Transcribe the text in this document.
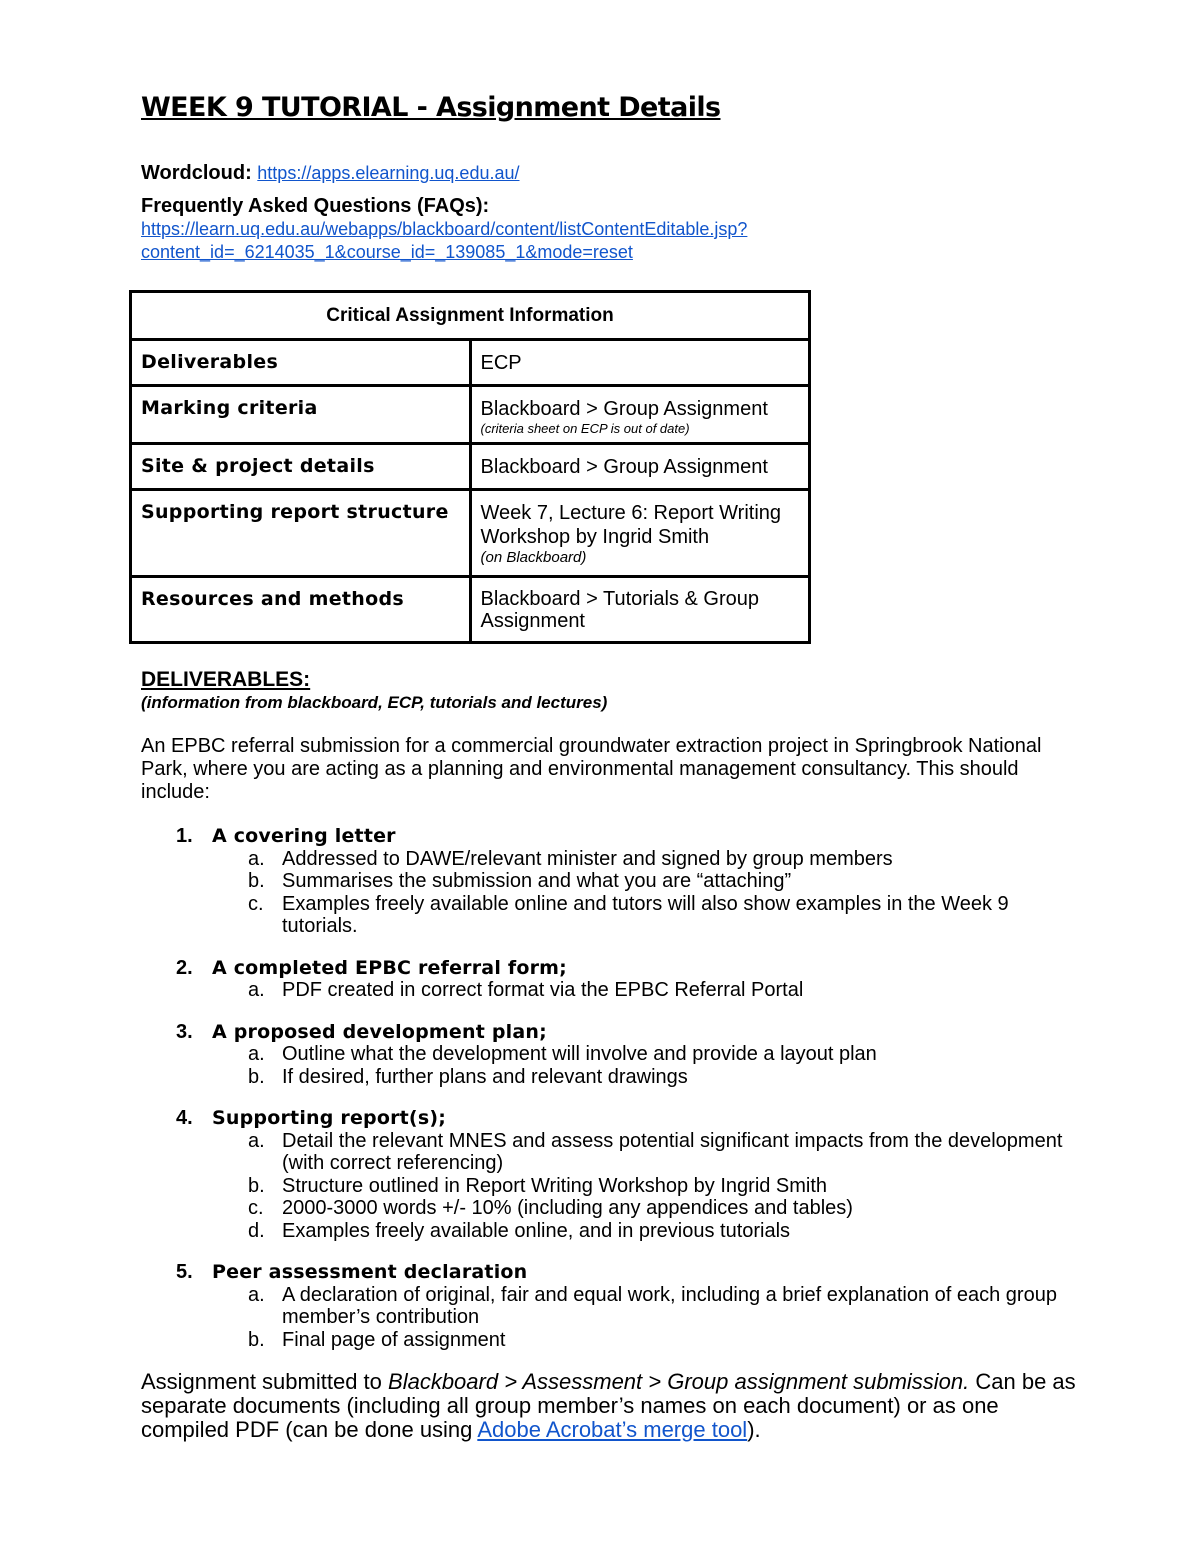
WEEK 9 TUTORIAL - Assignment Details
Wordcloud: https://apps.elearning.uq.edu.au/
Frequently Asked Questions (FAQs):
https://learn.uq.edu.au/webapps/blackboard/content/listContentEditable.jsp?
content_id=_6214035_1&course_id=_139085_1&mode=reset
Critical Assignment Information	
Deliverables	ECP
Marking criteria	Blackboard > Group Assignment
(criteria sheet on ECP is out of date)

Site & project details	Blackboard > Group Assignment
Supporting report structure	Week 7, Lecture 6: Report Writing Workshop by Ingrid Smith
(on Blackboard)

Resources and methods	Blackboard > Tutorials & Group Assignment
DELIVERABLES:
(information from blackboard, ECP, tutorials and lectures)

An EPBC referral submission for a commercial groundwater extraction project in Springbrook National Park, where you are acting as a planning and environmental management consultancy. This should include:

1. A covering letter
a. Addressed to DAWE/relevant minister and signed by group members
b. Summarises the submission and what you are “attaching”
c. Examples freely available online and tutors will also show examples in the Week 9 tutorials.
2. A completed EPBC referral form;
a. PDF created in correct format via the EPBC Referral Portal
3. A proposed development plan;
a. Outline what the development will involve and provide a layout plan
b. If desired, further plans and relevant drawings
4. Supporting report(s);
a. Detail the relevant MNES and assess potential significant impacts from the development (with correct referencing)
b. Structure outlined in Report Writing Workshop by Ingrid Smith
c. 2000-3000 words +/- 10% (including any appendices and tables)
d. Examples freely available online, and in previous tutorials
5. Peer assessment declaration
a. A declaration of original, fair and equal work, including a brief explanation of each group member’s contribution
b. Final page of assignment

Assignment submitted to Blackboard > Assessment > Group assignment submission. Can be as separate documents (including all group member’s names on each document) or as one compiled PDF (can be done using Adobe Acrobat’s merge tool).
